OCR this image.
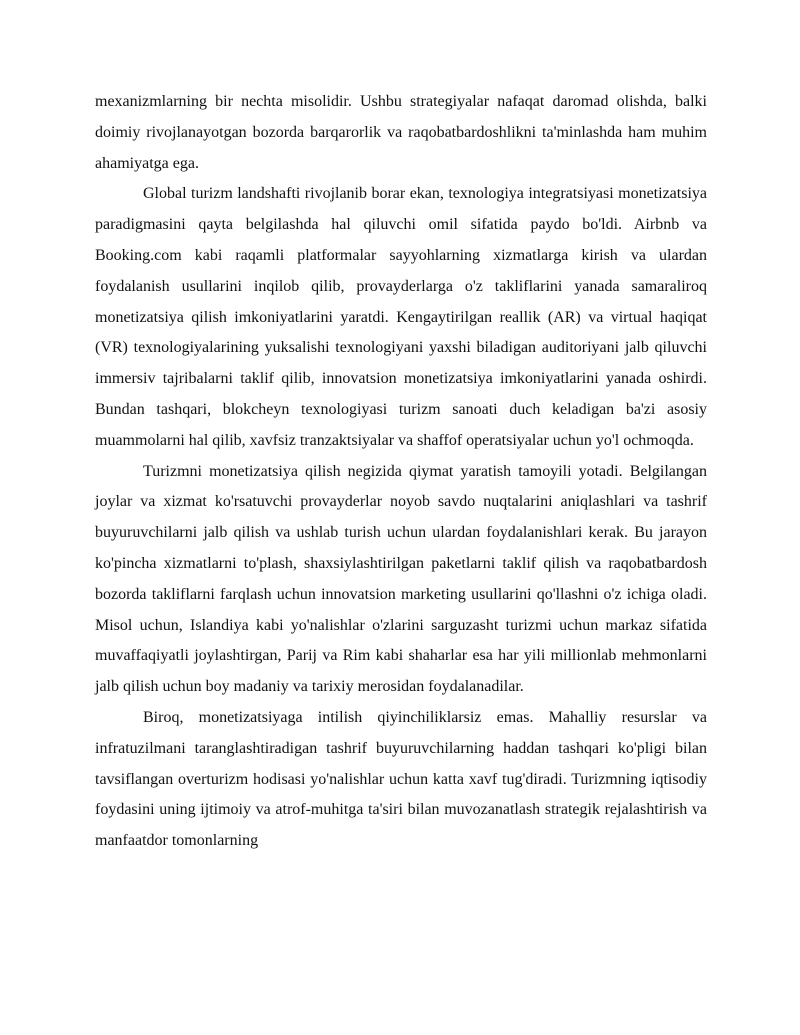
mexanizmlarning bir nechta misolidir. Ushbu strategiyalar nafaqat daromad olishda, balki doimiy rivojlanayotgan bozorda barqarorlik va raqobatbardoshlikni ta'minlashda ham muhim ahamiyatga ega.

Global turizm landshafti rivojlanib borar ekan, texnologiya integratsiyasi monetizatsiya paradigmasini qayta belgilashda hal qiluvchi omil sifatida paydo bo'ldi. Airbnb va Booking.com kabi raqamli platformalar sayyohlarning xizmatlarga kirish va ulardan foydalanish usullarini inqilob qilib, provayderlarga o'z takliflarini yanada samaraliroq monetizatsiya qilish imkoniyatlarini yaratdi. Kengaytirilgan reallik (AR) va virtual haqiqat (VR) texnologiyalarining yuksalishi texnologiyani yaxshi biladigan auditoriyani jalb qiluvchi immersiv tajribalarni taklif qilib, innovatsion monetizatsiya imkoniyatlarini yanada oshirdi. Bundan tashqari, blokcheyn texnologiyasi turizm sanoati duch keladigan ba'zi asosiy muammolarni hal qilib, xavfsiz tranzaktsiyalar va shaffof operatsiyalar uchun yo'l ochmoqda.

Turizmni monetizatsiya qilish negizida qiymat yaratish tamoyili yotadi. Belgilangan joylar va xizmat ko'rsatuvchi provayderlar noyob savdo nuqtalarini aniqlashlari va tashrif buyuruvchilarni jalb qilish va ushlab turish uchun ulardan foydalanishlari kerak. Bu jarayon ko'pincha xizmatlarni to'plash, shaxsiylashtirilgan paketlarni taklif qilish va raqobatbardosh bozorda takliflarni farqlash uchun innovatsion marketing usullarini qo'llashni o'z ichiga oladi. Misol uchun, Islandiya kabi yo'nalishlar o'zlarini sarguzasht turizmi uchun markaz sifatida muvaffaqiyatli joylashtirgan, Parij va Rim kabi shaharlar esa har yili millionlab mehmonlarni jalb qilish uchun boy madaniy va tarixiy merosidan foydalanadilar.

Biroq, monetizatsiyaga intilish qiyinchiliklarsiz emas. Mahalliy resurslar va infratuzilmani taranglashtiradigan tashrif buyuruvchilarning haddan tashqari ko'pligi bilan tavsiflangan overturizm hodisasi yo'nalishlar uchun katta xavf tug'diradi. Turizmning iqtisodiy foydasini uning ijtimoiy va atrof-muhitga ta'siri bilan muvozanatlash strategik rejalashtirish va manfaatdor tomonlarning
